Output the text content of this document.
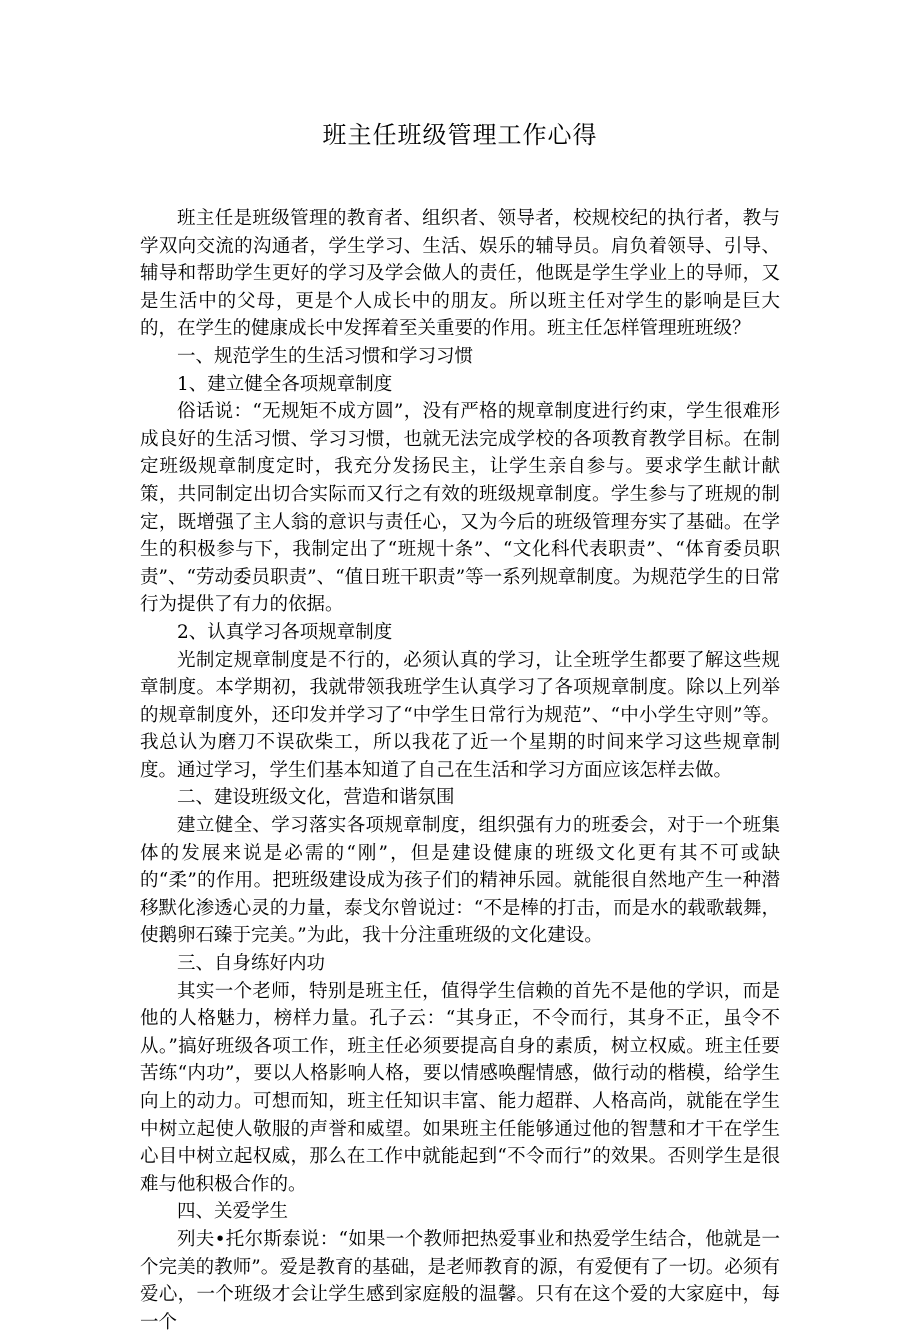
班主任班级管理工作心得

班主任是班级管理的教育者、组织者、领导者，校规校纪的执行者，教与学双向交流的沟通者，学生学习、生活、娱乐的辅导员。肩负着领导、引导、辅导和帮助学生更好的学习及学会做人的责任，他既是学生学业上的导师，又是生活中的父母，更是个人成长中的朋友。所以班主任对学生的影响是巨大的，在学生的健康成长中发挥着至关重要的作用。班主任怎样管理班班级？

一、规范学生的生活习惯和学习习惯

1、建立健全各项规章制度

俗话说：“无规矩不成方圆”，没有严格的规章制度进行约束，学生很难形成良好的生活习惯、学习习惯，也就无法完成学校的各项教育教学目标。在制定班级规章制度定时，我充分发扬民主，让学生亲自参与。要求学生献计献策，共同制定出切合实际而又行之有效的班级规章制度。学生参与了班规的制定，既增强了主人翁的意识与责任心，又为今后的班级管理夯实了基础。在学生的积极参与下，我制定出了“班规十条”、“文化科代表职责”、“体育委员职责”、“劳动委员职责”、“值日班干职责”等一系列规章制度。为规范学生的日常行为提供了有力的依据。

2、认真学习各项规章制度

光制定规章制度是不行的，必须认真的学习，让全班学生都要了解这些规章制度。本学期初，我就带领我班学生认真学习了各项规章制度。除以上列举的规章制度外，还印发并学习了“中学生日常行为规范”、“中小学生守则”等。我总认为磨刀不误砍柴工，所以我花了近一个星期的时间来学习这些规章制度。通过学习，学生们基本知道了自己在生活和学习方面应该怎样去做。

二、建设班级文化，营造和谐氛围

建立健全、学习落实各项规章制度，组织强有力的班委会，对于一个班集体的发展来说是必需的“刚”，但是建设健康的班级文化更有其不可或缺的“柔”的作用。把班级建设成为孩子们的精神乐园。就能很自然地产生一种潜移默化渗透心灵的力量，泰戈尔曾说过：“不是棒的打击，而是水的载歌载舞，使鹅卵石臻于完美。”为此，我十分注重班级的文化建设。

三、自身练好内功

其实一个老师，特别是班主任，值得学生信赖的首先不是他的学识，而是他的人格魅力，榜样力量。孔子云：“其身正，不令而行，其身不正，虽令不从。”搞好班级各项工作，班主任必须要提高自身的素质，树立权威。班主任要苦练“内功”，要以人格影响人格，要以情感唤醒情感，做行动的楷模，给学生向上的动力。可想而知，班主任知识丰富、能力超群、人格高尚，就能在学生中树立起使人敬服的声誉和威望。如果班主任能够通过他的智慧和才干在学生心目中树立起权威，那么在工作中就能起到“不令而行”的效果。否则学生是很难与他积极合作的。

四、关爱学生

列夫•托尔斯泰说：“如果一个教师把热爱事业和热爱学生结合，他就是一个完美的教师”。爱是教育的基础，是老师教育的源，有爱便有了一切。必须有爱心，一个班级才会让学生感到家庭般的温馨。只有在这个爱的大家庭中，每一个
